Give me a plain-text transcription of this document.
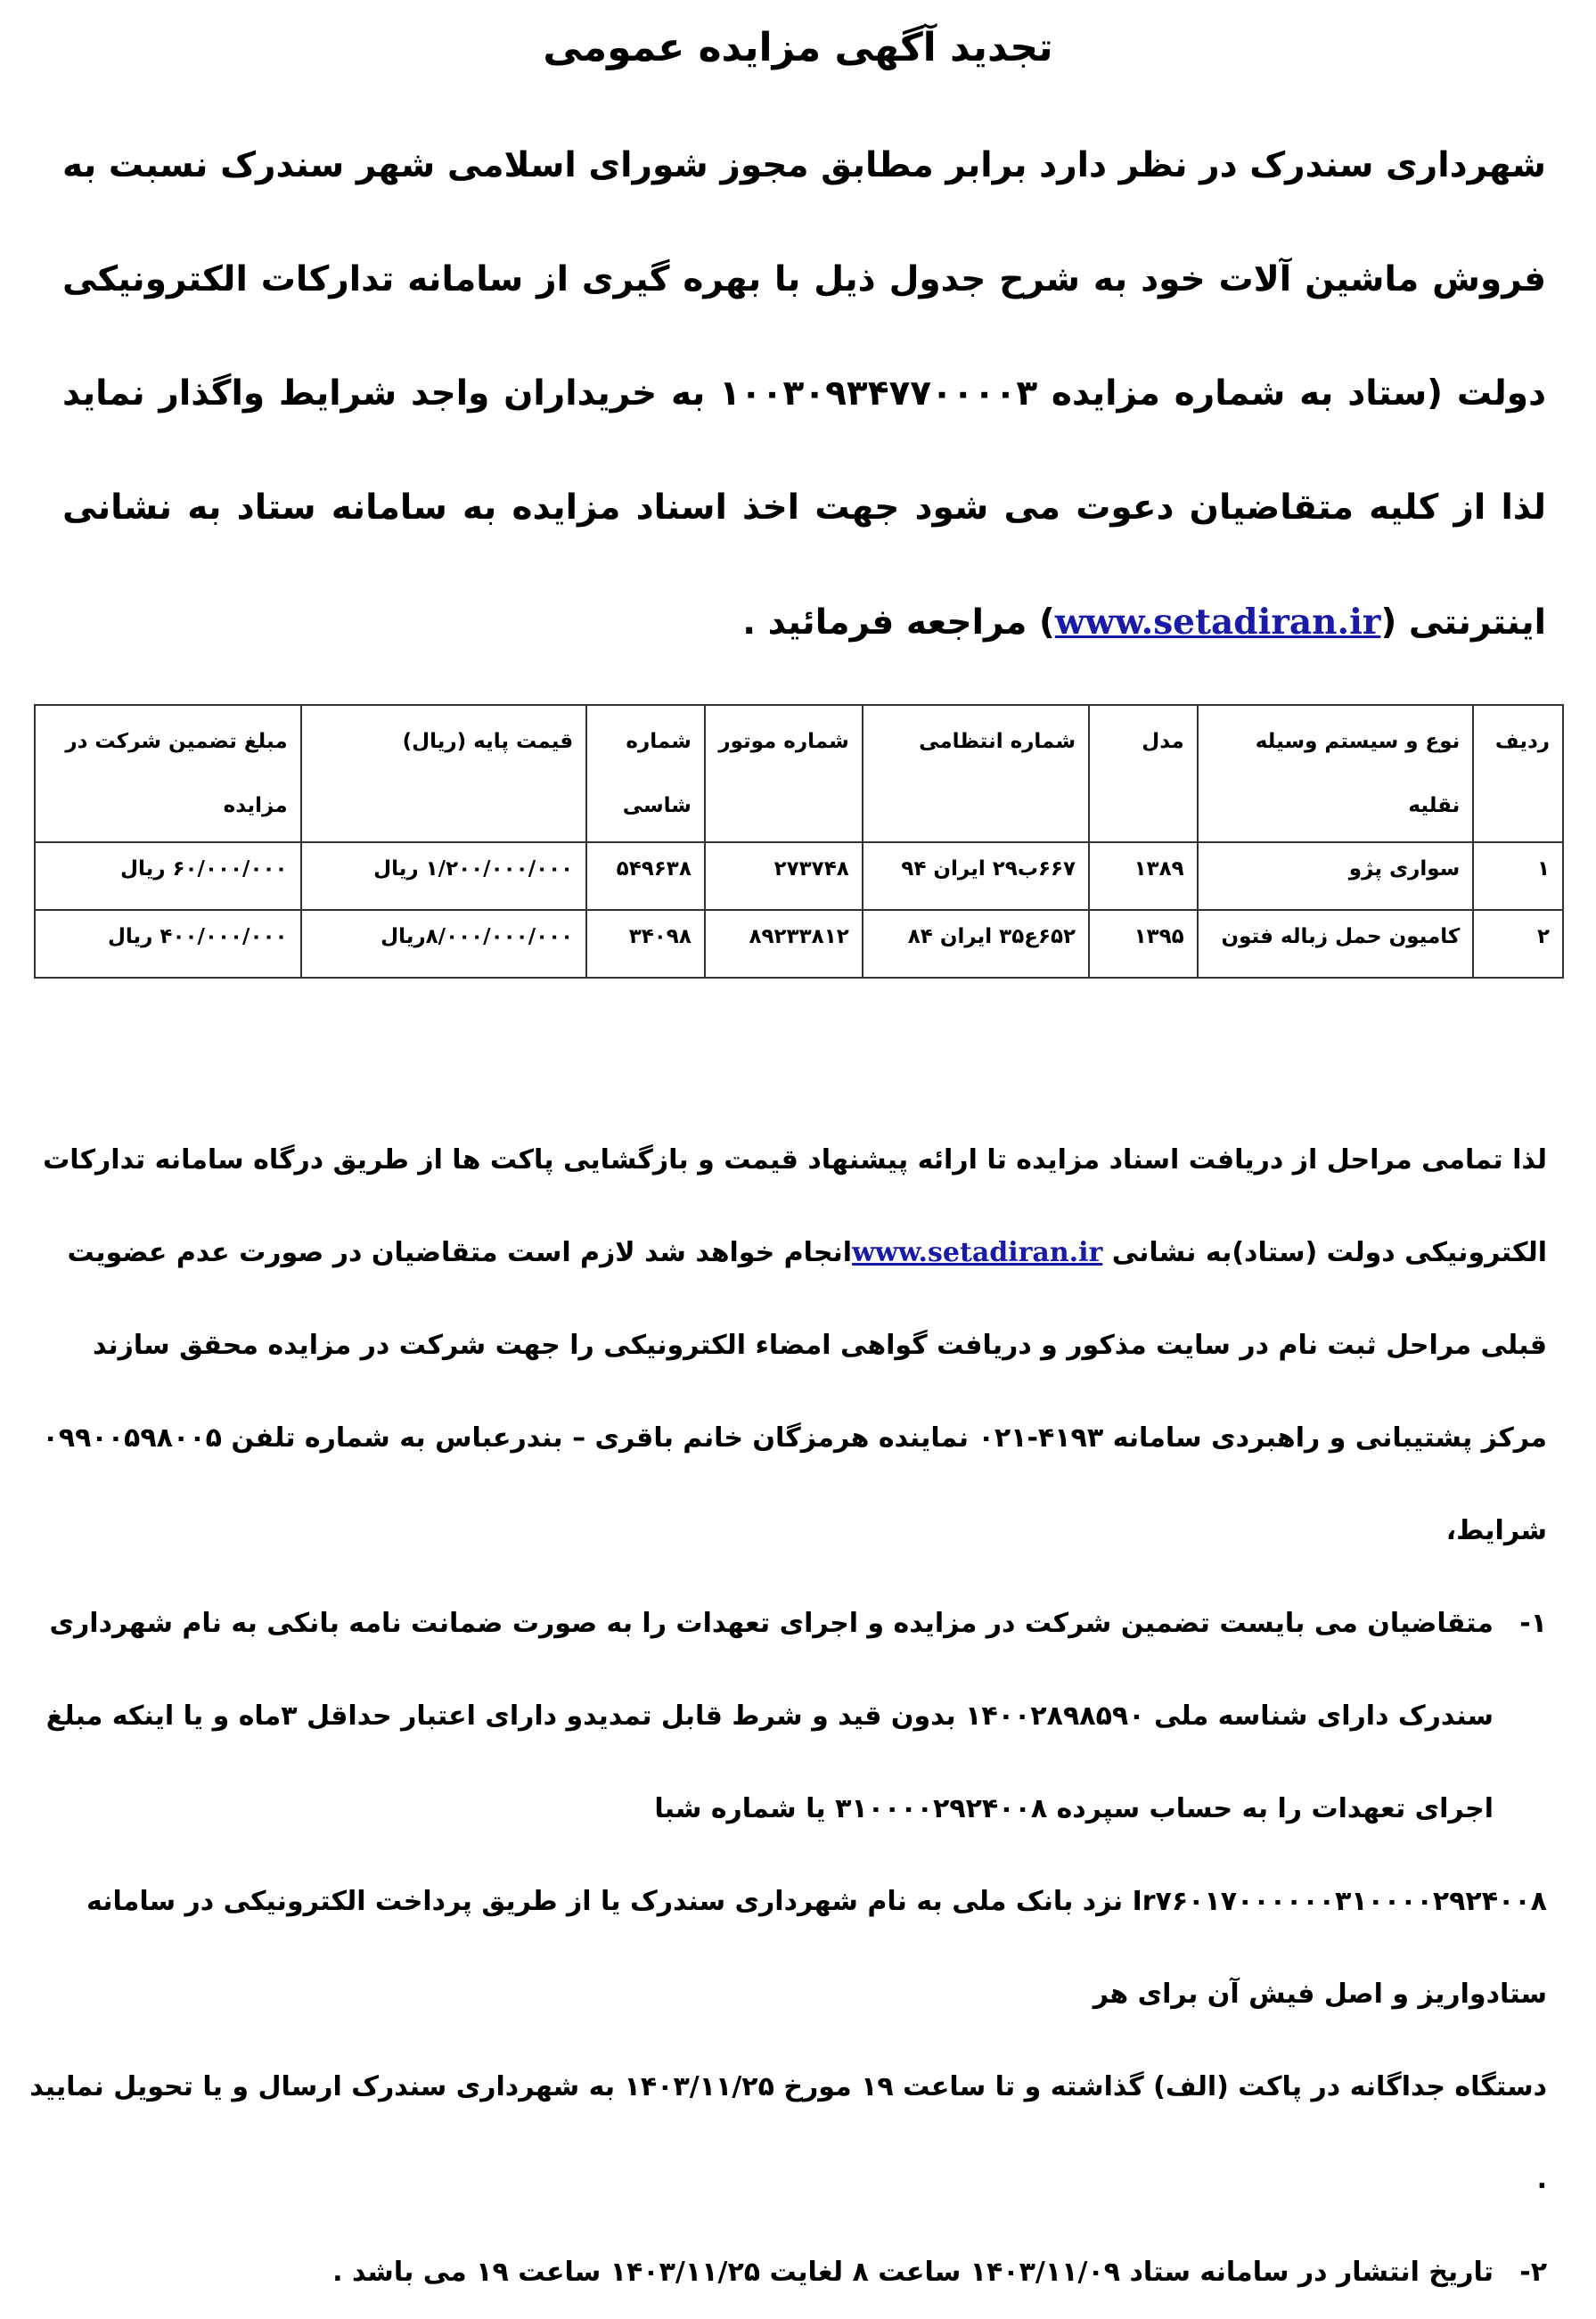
تجدید آگهی مزایده عمومی

شهرداری سندرک در نظر دارد برابر مطابق مجوز شورای اسلامی شهر سندرک نسبت به فروش ماشین آلات خود به شرح جدول ذیل با بهره گیری از سامانه تدارکات الکترونیکی دولت (ستاد به شماره مزایده ۱۰۰۳۰۹۳۴۷۷۰۰۰۰۳ به خریداران واجد شرایط واگذار نماید لذا از کلیه متقاضیان دعوت می شود جهت اخذ اسناد مزایده به سامانه ستاد به نشانی اینترنتی (www.setadiran.ir) مراجعه فرمائید .

ردیف	نوع و سیستم وسیله نقلیه	مدل	شماره انتظامی	شماره موتور	شماره شاسی	قیمت پایه (ریال)	مبلغ تضمین شرکت در مزایده
۱	سواری پژو	۱۳۸۹	۶۶۷ب۲۹ ایران ۹۴	۲۷۳۷۴۸	۵۴۹۶۳۸	۱/۲۰۰/۰۰۰/۰۰۰ ریال	۶۰/۰۰۰/۰۰۰ ریال
۲	کامیون حمل زباله فتون	۱۳۹۵	۶۵۲ع۳۵ ایران ۸۴	۸۹۲۳۳۸۱۲	۳۴۰۹۸	۸/۰۰۰/۰۰۰/۰۰۰ریال	۴۰۰/۰۰۰/۰۰۰ ریال

لذا تمامی مراحل از دریافت اسناد مزایده تا ارائه پیشنهاد قیمت و بازگشایی پاکت ها از طریق درگاه سامانه تدارکات الکترونیکی دولت (ستاد)به نشانی www.setadiran.irانجام خواهد شد لازم است متقاضیان در صورت عدم عضویت قبلی مراحل ثبت نام در سایت مذکور و دریافت گواهی امضاء الکترونیکی را جهت شرکت در مزایده محقق سازند

مرکز پشتیبانی و راهبردی سامانه ۴۱۹۳-۰۲۱ نماینده هرمزگان خانم باقری – بندرعباس به شماره تلفن ۰۹۹۰۰۵۹۸۰۰۵

شرایط،

۱-

متقاضیان می بایست تضمین شرکت در مزایده و اجرای تعهدات را به صورت ضمانت نامه بانکی به نام شهرداری سندرک دارای شناسه ملی ۱۴۰۰۲۸۹۸۵۹۰ بدون قید و شرط قابل تمدیدو دارای اعتبار حداقل ۳ماه و یا اینکه مبلغ اجرای تعهدات را به حساب سپرده ۳۱۰۰۰۰۲۹۲۴۰۰۸ یا شماره شبا

Ir۷۶۰۱۷۰۰۰۰۰۰۳۱۰۰۰۰۲۹۲۴۰۰۸ نزد بانک ملی به نام شهرداری سندرک یا از طریق پرداخت الکترونیکی در سامانه ستادواریز و اصل فیش آن برای هر

دستگاه جداگانه در پاکت (الف) گذاشته و تا ساعت ۱۹ مورخ ۱۴۰۳/۱۱/۲۵ به شهرداری سندرک ارسال و یا تحویل نمایید .

۲-

تاریخ انتشار در سامانه ستاد ۱۴۰۳/۱۱/۰۹ ساعت ۸ لغایت ۱۴۰۳/۱۱/۲۵ ساعت ۱۹ می باشد .
